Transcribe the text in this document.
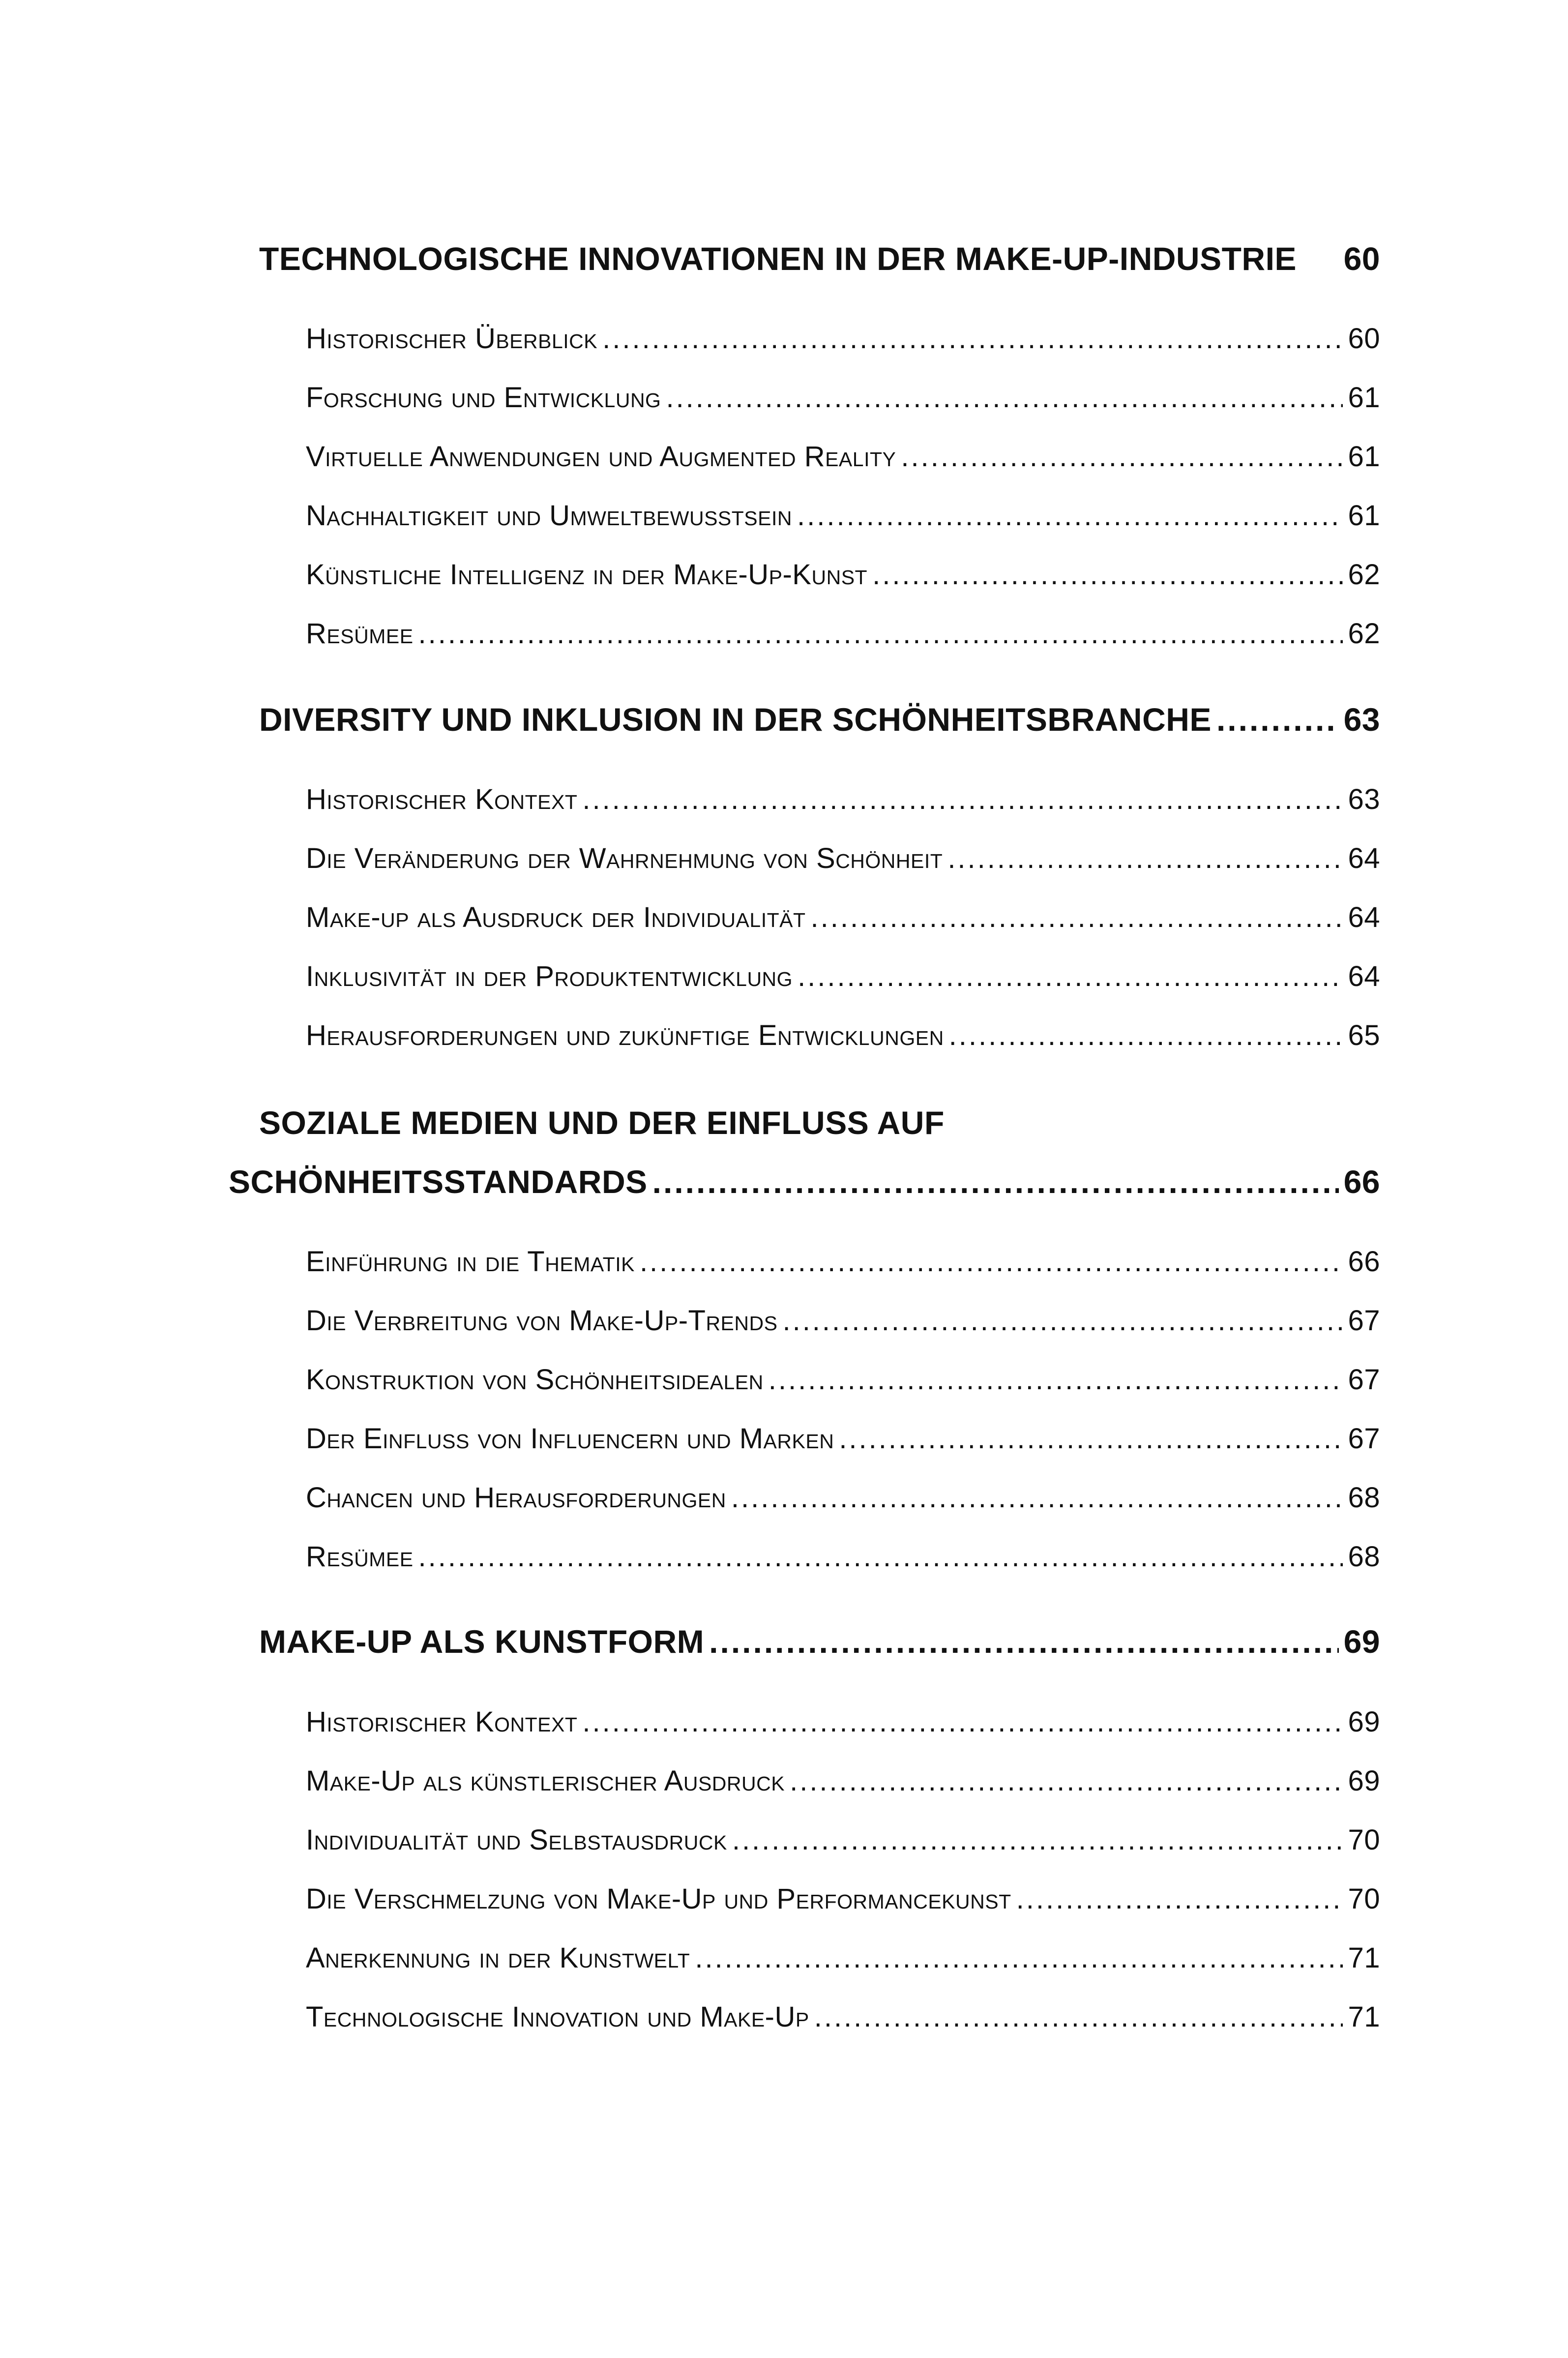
TECHNOLOGISCHE INNOVATIONEN IN DER MAKE-UP-INDUSTRIE 60
Historischer Überblick .....	60
Forschung und Entwicklung .....	61
Virtuelle Anwendungen und Augmented Reality .....	61
Nachhaltigkeit und Umweltbewusstsein .....	61
Künstliche Intelligenz in der Make-Up-Kunst .....	62
Resümee .....	62
DIVERSITY UND INKLUSION IN DER SCHÖNHEITSBRANCHE .....	63
Historischer Kontext .....	63
Die Veränderung der Wahrnehmung von Schönheit .....	64
Make-up als Ausdruck der Individualität .....	64
Inklusivität in der Produktentwicklung .....	64
Herausforderungen und zukünftige Entwicklungen .....	65
SOZIALE MEDIEN UND DER EINFLUSS AUF
SCHÖNHEITSSTANDARDS .....	66
Einführung in die Thematik .....	66
Die Verbreitung von Make-Up-Trends .....	67
Konstruktion von Schönheitsidealen .....	67
Der Einfluss von Influencern und Marken .....	67
Chancen und Herausforderungen .....	68
Resümee .....	68
MAKE-UP ALS KUNSTFORM .....	69
Historischer Kontext .....	69
Make-Up als künstlerischer Ausdruck .....	69
Individualität und Selbstausdruck .....	70
Die Verschmelzung von Make-Up und Performancekunst .....	70
Anerkennung in der Kunstwelt .....	71
Technologische Innovation und Make-Up .....	71
